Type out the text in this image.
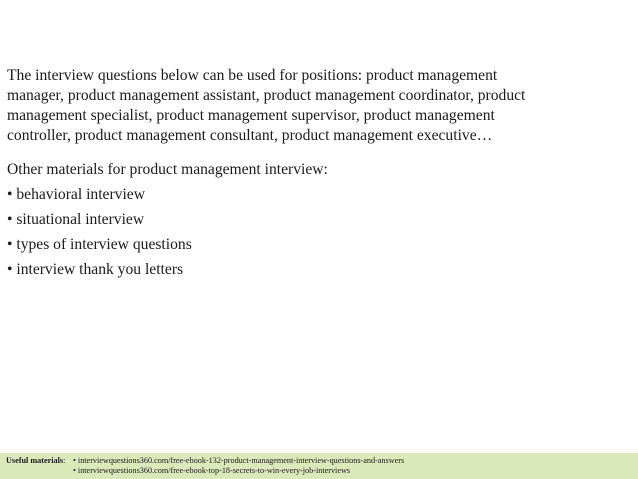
The interview questions below can be used for positions: product management
manager, product management assistant, product management coordinator, product
management specialist, product management supervisor, product management
controller, product management consultant, product management executive…

Other materials for product management interview:

• behavioral interview
• situational interview
• types of interview questions
• interview thank you letters
Useful materials: • interviewquestions360.com/free-ebook-132-product-management-interview-questions-and-answers
• interviewquestions360.com/free-ebook-top-18-secrets-to-win-every-job-interviews
